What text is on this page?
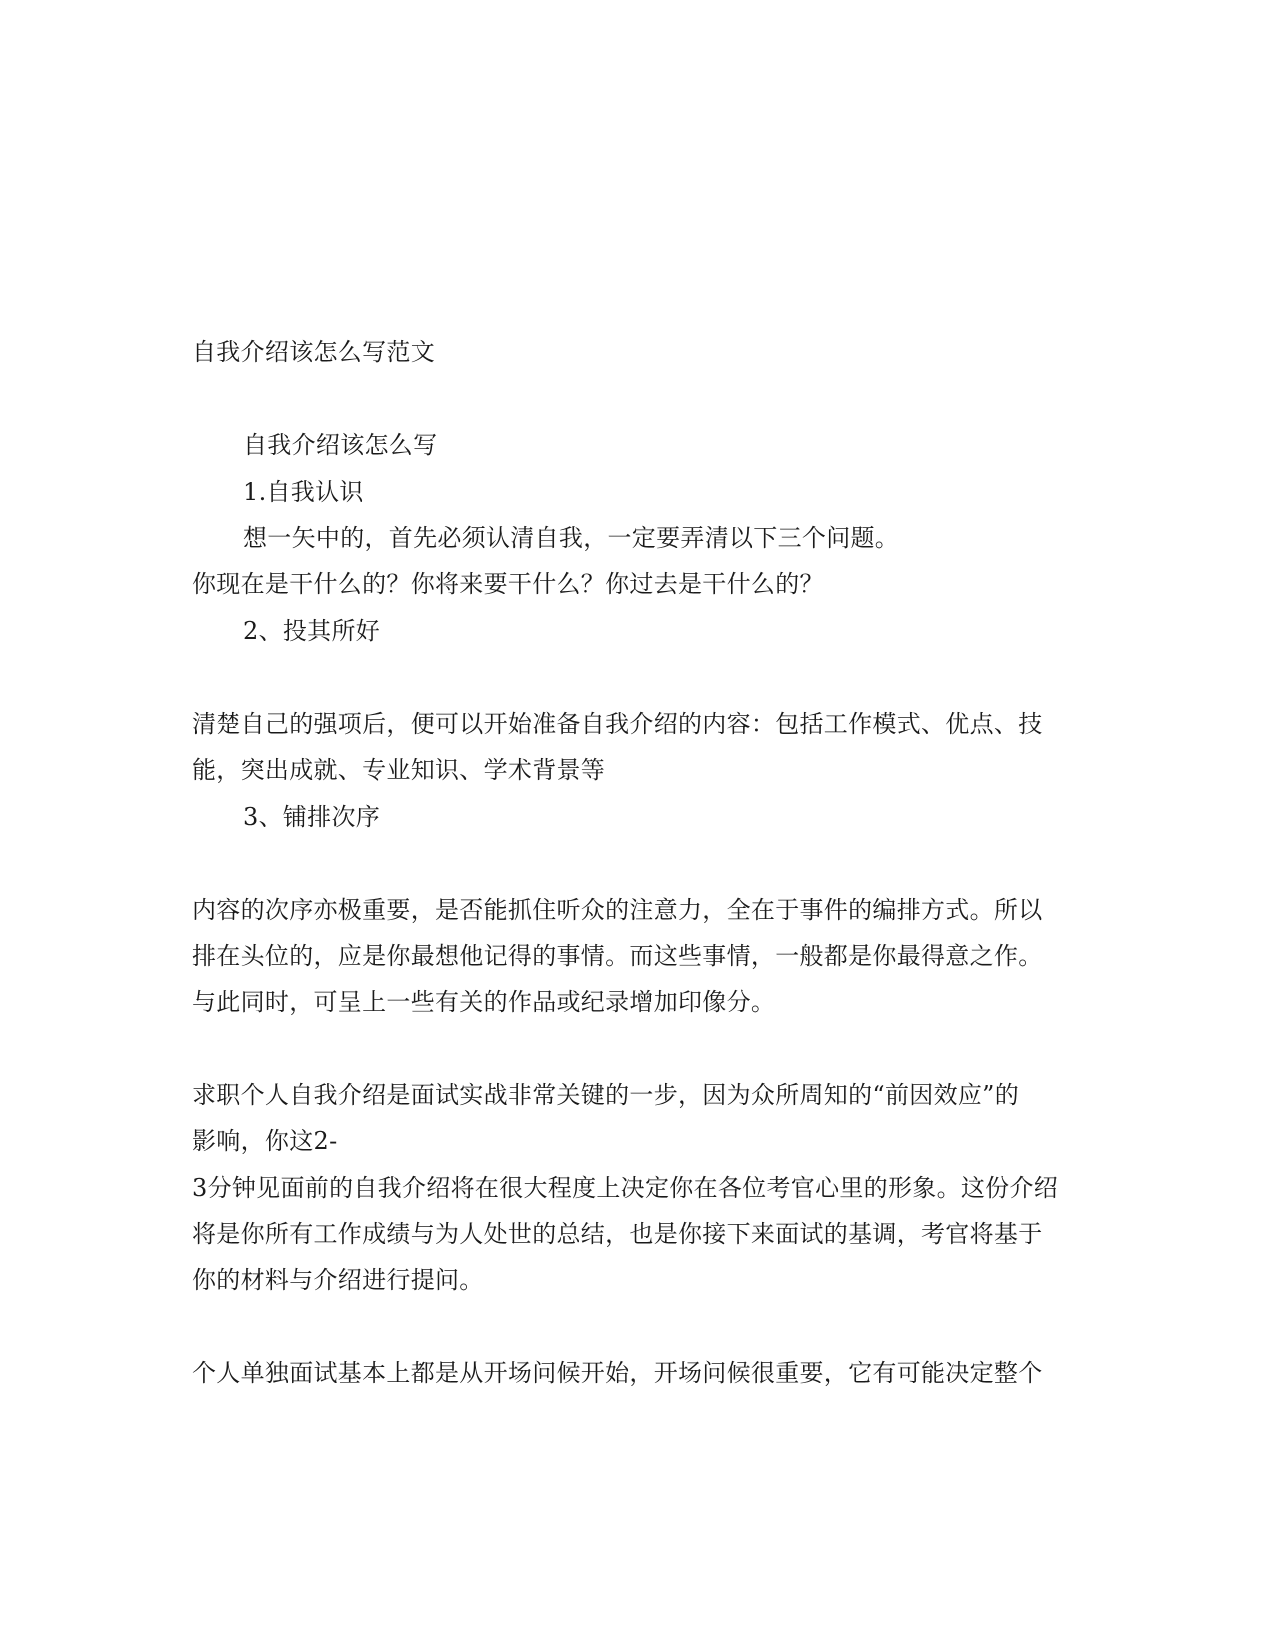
自我介绍该怎么写范文
自我介绍该怎么写
1.自我认识
想一矢中的，首先必须认清自我，一定要弄清以下三个问题。
你现在是干什么的？你将来要干什么？你过去是干什么的？
2、投其所好
清楚自己的强项后，便可以开始准备自我介绍的内容：包括工作模式、优点、技
能，突出成就、专业知识、学术背景等
3、铺排次序
内容的次序亦极重要，是否能抓住听众的注意力，全在于事件的编排方式。所以
排在头位的，应是你最想他记得的事情。而这些事情，一般都是你最得意之作。
与此同时，可呈上一些有关的作品或纪录增加印像分。
求职个人自我介绍是面试实战非常关键的一步，因为众所周知的“前因效应”的
影响，你这2-
3分钟见面前的自我介绍将在很大程度上决定你在各位考官心里的形象。这份介绍
将是你所有工作成绩与为人处世的总结，也是你接下来面试的基调，考官将基于
你的材料与介绍进行提问。
个人单独面试基本上都是从开场问候开始，开场问候很重要，它有可能决定整个
